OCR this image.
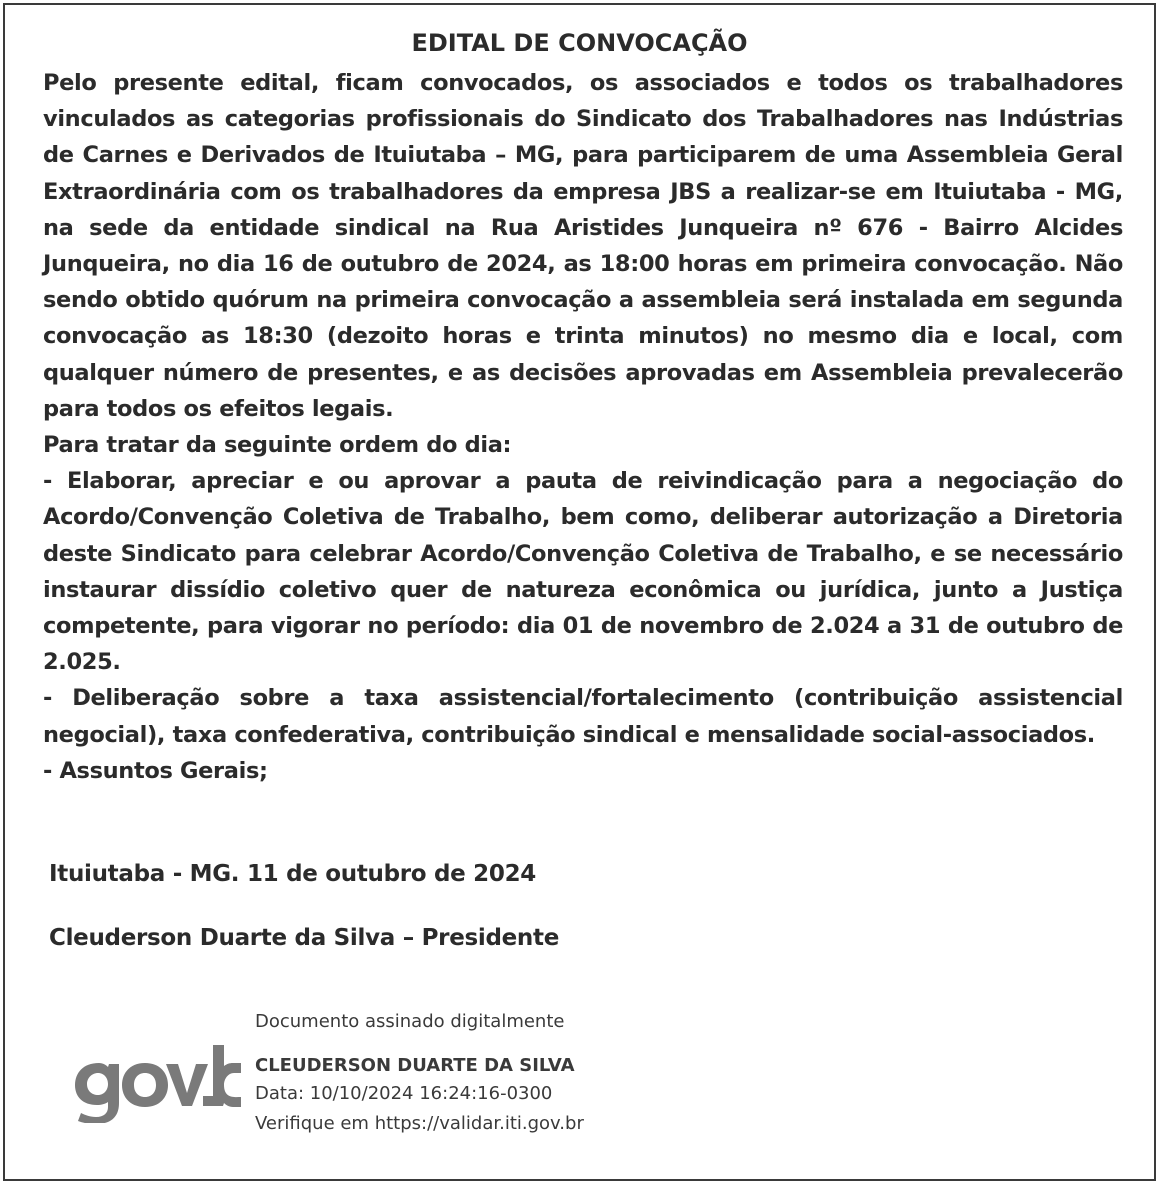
EDITAL DE CONVOCAÇÃO

Pelo presente edital, ficam convocados, os associados e todos os trabalhadores vinculados as categorias profissionais do Sindicato dos Trabalhadores nas Indústrias de Carnes e Derivados de Ituiutaba – MG, para participarem de uma Assembleia Geral Extraordinária com os trabalhadores da empresa JBS a realizar-se em Ituiutaba - MG, na sede da entidade sindical na Rua Aristides Junqueira nº 676 - Bairro Alcides Junqueira, no dia 16 de outubro de 2024, as 18:00 horas em primeira convocação. Não sendo obtido quórum na primeira convocação a assembleia será instalada em segunda convocação as 18:30 (dezoito horas e trinta minutos) no mesmo dia e local, com qualquer número de presentes, e as decisões aprovadas em Assembleia prevalecerão para todos os efeitos legais.

Para tratar da seguinte ordem do dia:

- Elaborar, apreciar e ou aprovar a pauta de reivindicação para a negociação do Acordo/Convenção Coletiva de Trabalho, bem como, deliberar autorização a Diretoria deste Sindicato para celebrar Acordo/Convenção Coletiva de Trabalho, e se necessário instaurar dissídio coletivo quer de natureza econômica ou jurídica, junto a Justiça competente, para vigorar no período: dia 01 de novembro de 2.024 a 31 de outubro de 2.025.

- Deliberação sobre a taxa assistencial/fortalecimento (contribuição assistencial negocial), taxa confederativa, contribuição sindical e mensalidade social-associados.

- Assuntos Gerais;

Ituiutaba - MG. 11 de outubro de 2024
Cleuderson Duarte da Silva – Presidente
Documento assinado digitalmente
CLEUDERSON DUARTE DA SILVA
Data: 10/10/2024 16:24:16-0300
Verifique em https://validar.iti.gov.br
